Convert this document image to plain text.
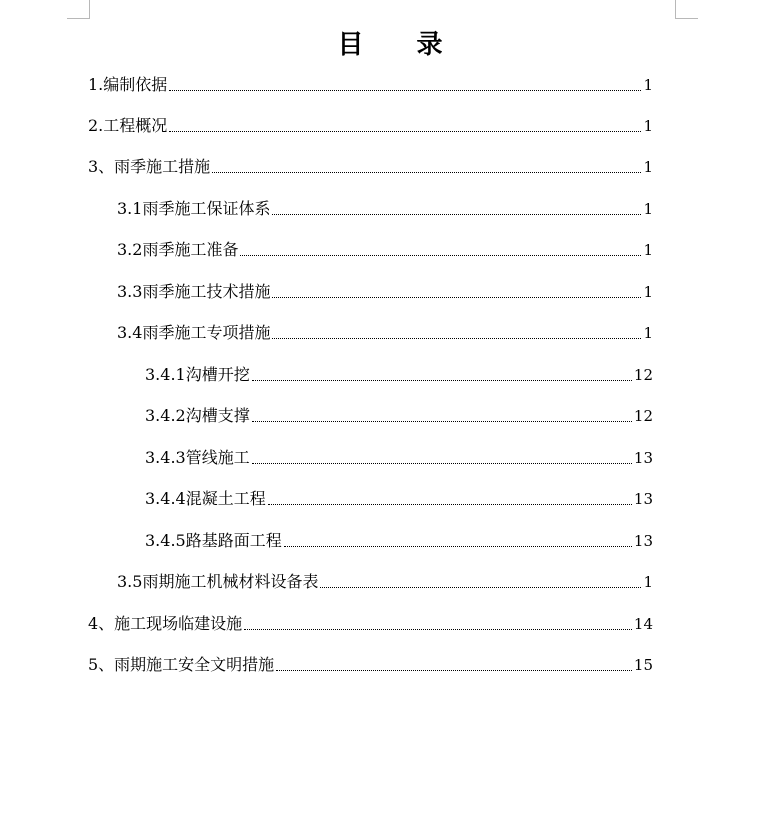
目 录
1.编制依据	1
2.工程概况	1
3、雨季施工措施	1
3.1雨季施工保证体系	1
3.2雨季施工准备	1
3.3雨季施工技术措施	1
3.4雨季施工专项措施	1
3.4.1沟槽开挖	12
3.4.2沟槽支撑	12
3.4.3管线施工	13
3.4.4混凝土工程	13
3.4.5路基路面工程	13
3.5雨期施工机械材料设备表	1
4、施工现场临建设施	14
5、雨期施工安全文明措施	15
